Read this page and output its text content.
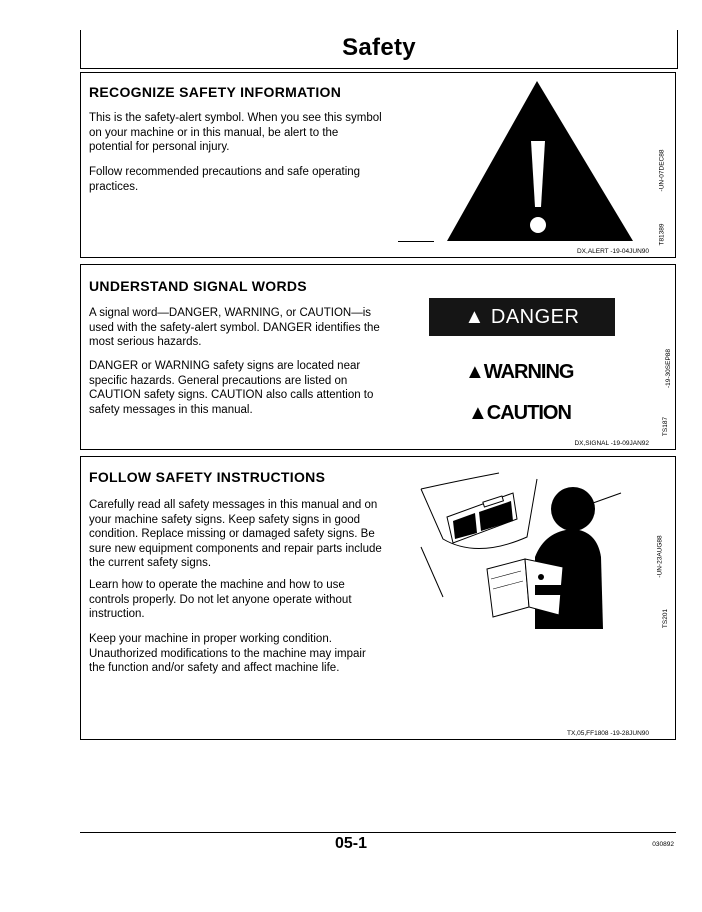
Safety
RECOGNIZE SAFETY INFORMATION
This is the safety-alert symbol. When you see this symbol on your machine or in this manual, be alert to the potential for personal injury.
Follow recommended precautions and safe operating practices.	-UN-07DEC88
T81389
DX,ALERT -19-04JUN90
UNDERSTAND SIGNAL WORDS
A signal word—DANGER, WARNING, or CAUTION—is used with the safety-alert symbol. DANGER identifies the most serious hazards.
DANGER or WARNING safety signs are located near specific hazards. General precautions are listed on CAUTION safety signs. CAUTION also calls attention to safety messages in this manual.
▲ DANGER
▲WARNING
▲CAUTION
-19-30SEP88
TS187
DX,SIGNAL -19-09JAN92
FOLLOW SAFETY INSTRUCTIONS
Carefully read all safety messages in this manual and on your machine safety signs. Keep safety signs in good condition. Replace missing or damaged safety signs. Be sure new equipment components and repair parts include the current safety signs.
Learn how to operate the machine and how to use controls properly. Do not let anyone operate without instruction.
Keep your machine in proper working condition. Unauthorized modifications to the machine may impair the function and/or safety and affect machine life.
-UN-23AUG88
TS201
TX,05,FF1808 -19-28JUN90
05-1	030892
